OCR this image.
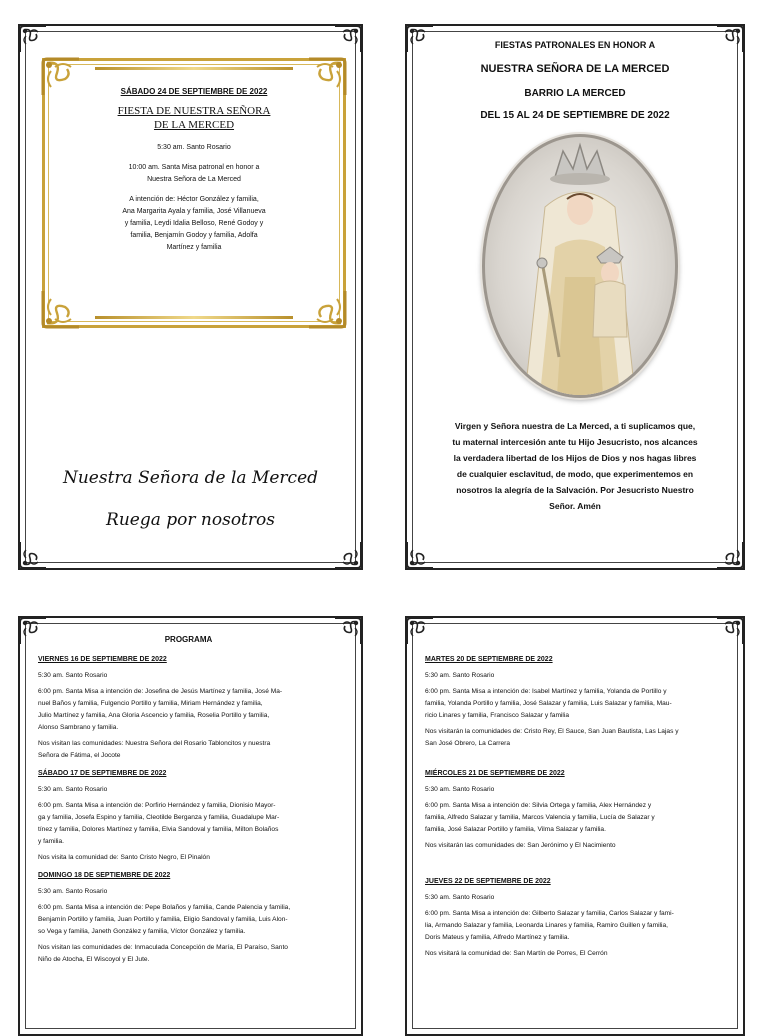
SÁBADO 24 DE SEPTIEMBRE DE 2022
FIESTA DE NUESTRA SEÑORA
DE LA MERCED
5:30 am. Santo Rosario
10:00 am. Santa Misa patronal en honor a
Nuestra Señora de La Merced
A intención de: Héctor González y familia,
Ana Margarita Ayala y familia, José Villanueva
y familia, Leydi Idalia Belloso, René Godoy y
familia, Benjamín Godoy y familia, Adolfa
Martínez y familia
Nuestra Señora de la Merced
Ruega por nosotros
FIESTAS PATRONALES EN HONOR A
NUESTRA SEÑORA DE LA MERCED
BARRIO LA MERCED
DEL 15 AL 24 DE SEPTIEMBRE DE 2022
Virgen y Señora nuestra de La Merced, a ti suplicamos que,
tu maternal intercesión ante tu Hijo Jesucristo, nos alcances
la verdadera libertad de los Hijos de Dios y nos hagas libres
de cualquier esclavitud, de modo, que experimentemos en
nosotros la alegría de la Salvación. Por Jesucristo Nuestro
Señor. Amén
PROGRAMA
VIERNES 16 DE SEPTIEMBRE DE 2022
5:30 am. Santo Rosario
6:00 pm. Santa Misa a intención de: Josefina de Jesús Martínez y familia, José Ma-
nuel Baños y familia, Fulgencio Portillo y familia, Miriam Hernández y familia,
Julio Martínez y familia, Ana Gloria Ascencio y familia, Roselia Portillo y familia,
Alonso Sambrano y familia.
Nos visitan las comunidades: Nuestra Señora del Rosario Tabloncitos y nuestra
Señora de Fátima, el Jocote
SÁBADO 17 DE SEPTIEMBRE DE 2022
5:30 am. Santo Rosario
6:00 pm. Santa Misa a intención de: Porfirio Hernández y familia, Dionisio Mayor-
ga y familia, Josefa Espino y familia, Cleotilde Berganza y familia, Guadalupe Mar-
tínez y familia, Dolores Martínez y familia, Elvia Sandoval y familia, Milton Bolaños
y familia.
Nos visita la comunidad de: Santo Cristo Negro, El Pinalón
DOMINGO 18 DE SEPTIEMBRE DE 2022
5:30 am. Santo Rosario
6:00 pm. Santa Misa a intención de: Pepe Bolaños y familia, Cande Palencia y familia,
Benjamín Portillo y familia, Juan Portillo y familia, Eligio Sandoval y familia, Luis Alon-
so Vega y familia, Janeth González y familia, Víctor González y familia.
Nos visitan las comunidades de: Inmaculada Concepción de María, El Paraíso, Santo
Niño de Atocha, El Wiscoyol y El Jute.
MARTES 20 DE SEPTIEMBRE DE 2022
5:30 am. Santo Rosario
6:00 pm. Santa Misa a intención de: Isabel Martínez y familia, Yolanda de Portillo y
familia, Yolanda Portillo y familia, José Salazar y familia, Luis Salazar y familia, Mau-
ricio Linares y familia, Francisco Salazar y familia
Nos visitarán la comunidades de: Cristo Rey, El Sauce, San Juan Bautista, Las Lajas y
San José Obrero, La Carrera
MIÉRCOLES 21 DE SEPTIEMBRE DE 2022
5:30 am. Santo Rosario
6:00 pm. Santa Misa a intención de: Silvia Ortega y familia, Alex Hernández y
familia, Alfredo Salazar y familia, Marcos Valencia y familia, Lucía de Salazar y
familia, José Salazar Portillo y familia, Vilma Salazar y familia.
Nos visitarán las comunidades de: San Jerónimo y El Nacimiento
JUEVES 22 DE SEPTIEMBRE DE 2022
5:30 am. Santo Rosario
6:00 pm. Santa Misa a intención de: Gilberto Salazar y familia, Carlos Salazar y fami-
lia, Armando Salazar y familia, Leonarda Linares y familia, Ramiro Guillen y familia,
Doris Mateus y familia, Alfredo Martínez y familia.
Nos visitará la comunidad de: San Martín de Porres, El Cerrón
